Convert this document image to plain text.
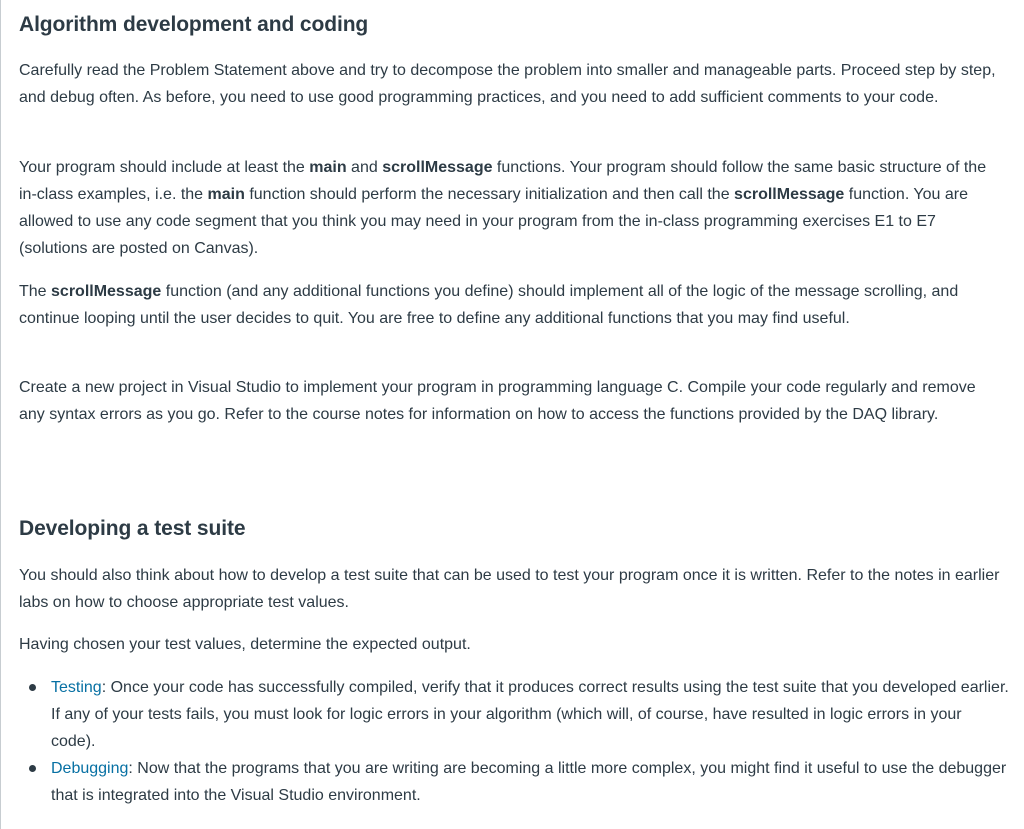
Algorithm development and coding

Carefully read the Problem Statement above and try to decompose the problem into smaller and manageable parts. Proceed step by step, and debug often. As before, you need to use good programming practices, and you need to add sufficient comments to your code.

Your program should include at least the main and scrollMessage functions. Your program should follow the same basic structure of the in-class examples, i.e. the main function should perform the necessary initialization and then call the scrollMessage function. You are allowed to use any code segment that you think you may need in your program from the in-class programming exercises E1 to E7 (solutions are posted on Canvas).

The scrollMessage function (and any additional functions you define) should implement all of the logic of the message scrolling, and continue looping until the user decides to quit. You are free to define any additional functions that you may find useful.

Create a new project in Visual Studio to implement your program in programming language C. Compile your code regularly and remove any syntax errors as you go. Refer to the course notes for information on how to access the functions provided by the DAQ library.

Developing a test suite

You should also think about how to develop a test suite that can be used to test your program once it is written. Refer to the notes in earlier labs on how to choose appropriate test values.

Having chosen your test values, determine the expected output.

Testing: Once your code has successfully compiled, verify that it produces correct results using the test suite that you developed earlier. If any of your tests fails, you must look for logic errors in your algorithm (which will, of course, have resulted in logic errors in your code).
Debugging: Now that the programs that you are writing are becoming a little more complex, you might find it useful to use the debugger that is integrated into the Visual Studio environment.
